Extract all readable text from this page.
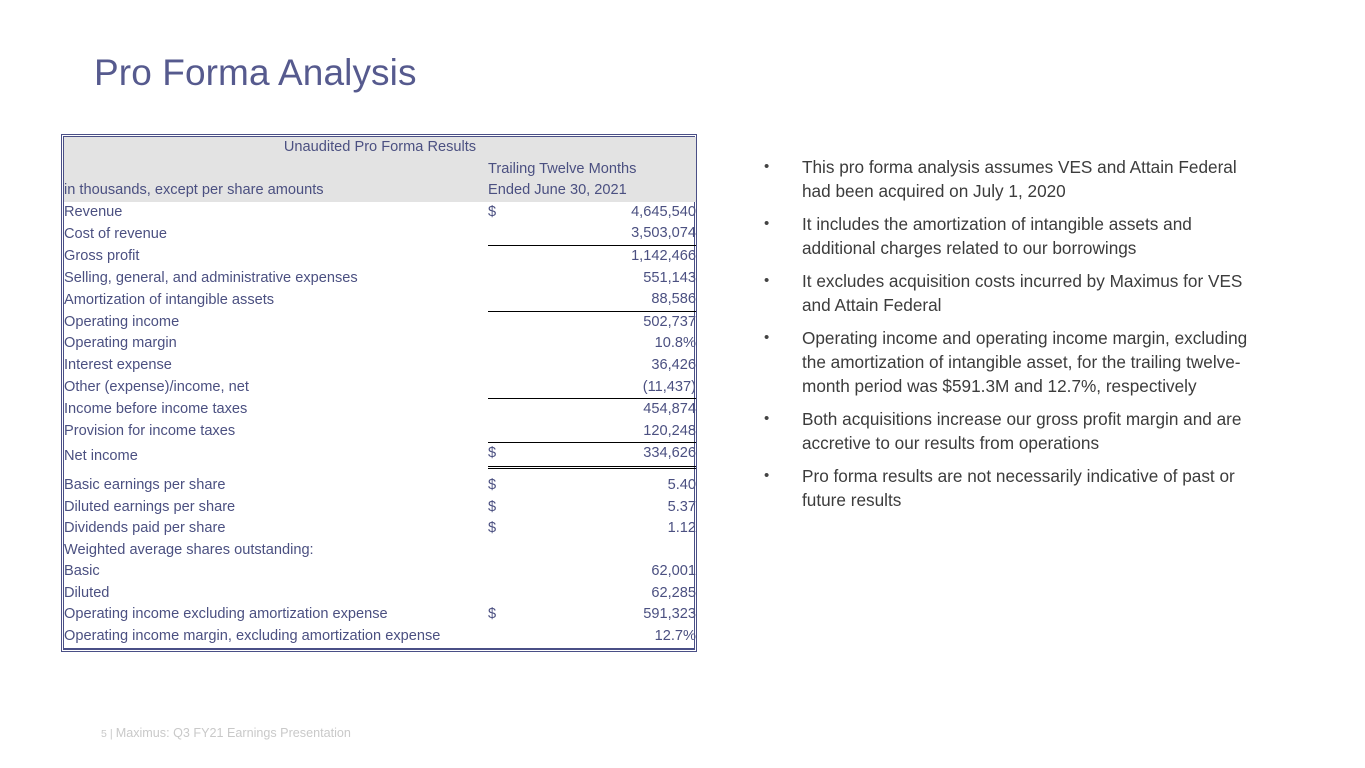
Pro Forma Analysis
Unaudited Pro Forma Results		
	Trailing Twelve Months	
in thousands, except per share amounts	Ended June 30, 2021	
Revenue	$	4,645,540
Cost of revenue		3,503,074
Gross profit		1,142,466
Selling, general, and administrative expenses		551,143
Amortization of intangible assets		88,586
Operating income		502,737
Operating margin		10.8%
Interest expense		36,426
Other (expense)/income, net		(11,437)
Income before income taxes		454,874
Provision for income taxes		120,248
Net income	$	334,626

Basic earnings per share	$	5.40
Diluted earnings per share	$	5.37
Dividends paid per share	$	1.12
Weighted average shares outstanding:		
Basic		62,001
Diluted		62,285
Operating income excluding amortization expense	$	591,323
Operating income margin, excluding amortization expense		12.7%
•	This pro forma analysis assumes VES and Attain Federal had been acquired on July 1, 2020
•	It includes the amortization of intangible assets and additional charges related to our borrowings
•	It excludes acquisition costs incurred by Maximus for VES and Attain Federal
•	Operating income and operating income margin, excluding the amortization of intangible asset, for the trailing twelve-month period was $591.3M and 12.7%, respectively
•	Both acquisitions increase our gross profit margin and are accretive to our results from operations
•	Pro forma results are not necessarily indicative of past or future results
5 | Maximus: Q3 FY21 Earnings Presentation
